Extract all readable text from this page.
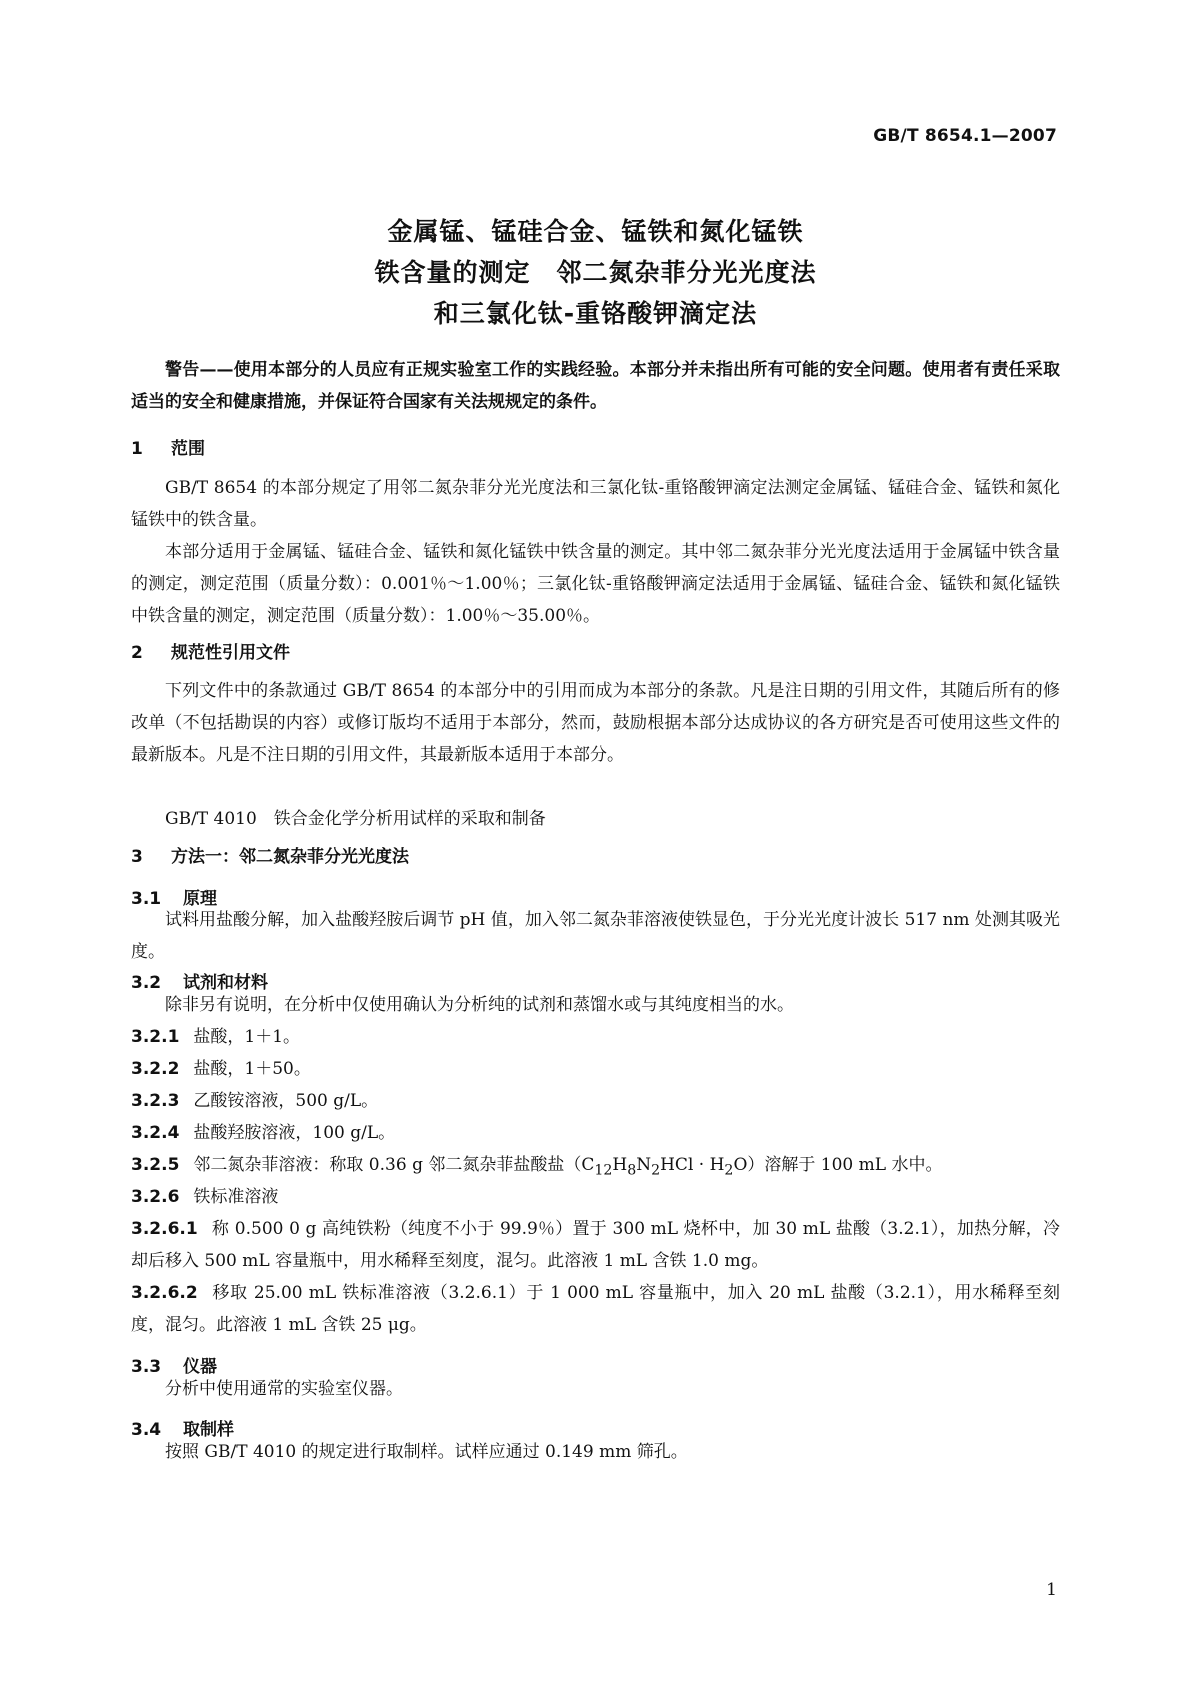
GB/T 8654.1—2007
金属锰、锰硅合金、锰铁和氮化锰铁
铁含量的测定　邻二氮杂菲分光光度法
和三氯化钛-重铬酸钾滴定法
警告——使用本部分的人员应有正规实验室工作的实践经验。本部分并未指出所有可能的安全问题。使用者有责任采取适当的安全和健康措施，并保证符合国家有关法规规定的条件。
1 范围
GB/T 8654 的本部分规定了用邻二氮杂菲分光光度法和三氯化钛-重铬酸钾滴定法测定金属锰、锰硅合金、锰铁和氮化锰铁中的铁含量。
本部分适用于金属锰、锰硅合金、锰铁和氮化锰铁中铁含量的测定。其中邻二氮杂菲分光光度法适用于金属锰中铁含量的测定，测定范围（质量分数）：0.001％～1.00％；三氯化钛-重铬酸钾滴定法适用于金属锰、锰硅合金、锰铁和氮化锰铁中铁含量的测定，测定范围（质量分数）：1.00％～35.00％。
2 规范性引用文件
下列文件中的条款通过 GB/T 8654 的本部分中的引用而成为本部分的条款。凡是注日期的引用文件，其随后所有的修改单（不包括勘误的内容）或修订版均不适用于本部分，然而，鼓励根据本部分达成协议的各方研究是否可使用这些文件的最新版本。凡是不注日期的引用文件，其最新版本适用于本部分。
GB/T 4010　铁合金化学分析用试样的采取和制备
3 方法一：邻二氮杂菲分光光度法
3.1 原理
试料用盐酸分解，加入盐酸羟胺后调节 pH 值，加入邻二氮杂菲溶液使铁显色，于分光光度计波长 517 nm 处测其吸光度。
3.2 试剂和材料
除非另有说明，在分析中仅使用确认为分析纯的试剂和蒸馏水或与其纯度相当的水。
3.2.1 盐酸，1＋1。
3.2.2 盐酸，1＋50。
3.2.3 乙酸铵溶液，500 g/L。
3.2.4 盐酸羟胺溶液，100 g/L。
3.2.5 邻二氮杂菲溶液：称取 0.36 g 邻二氮杂菲盐酸盐$(C_{12}H_8N_2HCl \cdot H_2O)$溶解于 100 mL 水中。
3.2.6 铁标准溶液
3.2.6.1 称 0.500 0 g 高纯铁粉（纯度不小于 99.9％）置于 300 mL 烧杯中，加 30 mL 盐酸（3.2.1），加热分解，冷却后移入 500 mL 容量瓶中，用水稀释至刻度，混匀。此溶液 1 mL 含铁 1.0 mg。
3.2.6.2 移取 25.00 mL 铁标准溶液（3.2.6.1）于 1 000 mL 容量瓶中，加入 20 mL 盐酸（3.2.1），用水稀释至刻度，混匀。此溶液 1 mL 含铁 25 μg。
3.3 仪器
分析中使用通常的实验室仪器。
3.4 取制样
按照 GB/T 4010 的规定进行取制样。试样应通过 0.149 mm 筛孔。
1
